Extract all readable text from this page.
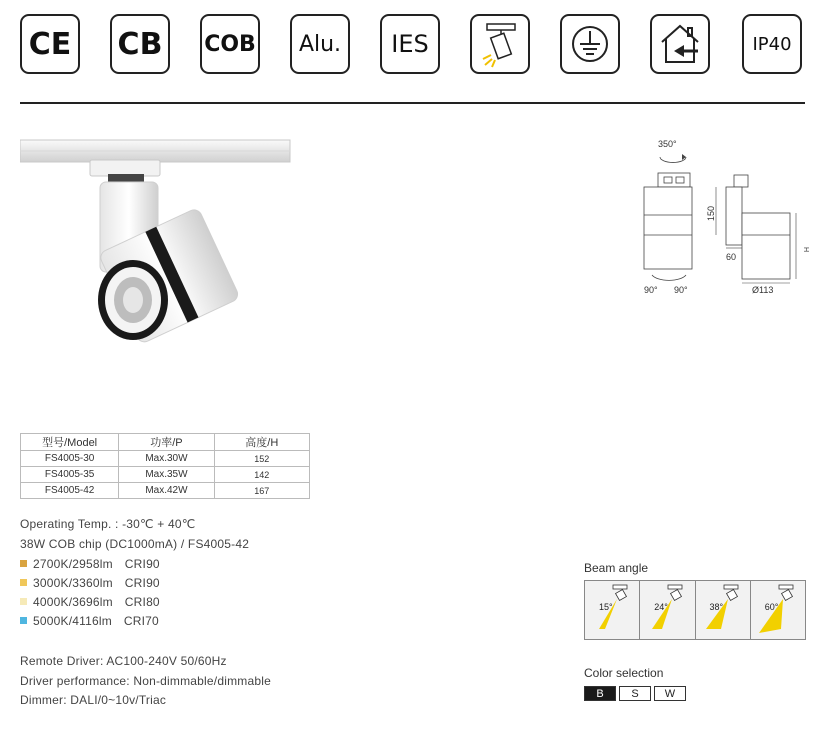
CE CB COB Alu. IES	IP40
350°
90° 90°
150
60
H
Ø113
型号/Model	功率/P	高度/H
FS4005-30	Max.30W	152
FS4005-35	Max.35W	142
FS4005-42	Max.42W	167
Operating Temp. : -30℃ + 40℃
38W COB chip (DC1000mA) / FS4005-42
2700K/2958lm CRI90
3000K/3360lm CRI90
4000K/3696lm CRI80
5000K/4116lm CRI70
Remote Driver: AC100-240V 50/60Hz
Driver performance: Non-dimmable/dimmable
Dimmer: DALI/0~10v/Triac
Beam angle
15°	24°	38°	60°
Color selection
B	S	W
